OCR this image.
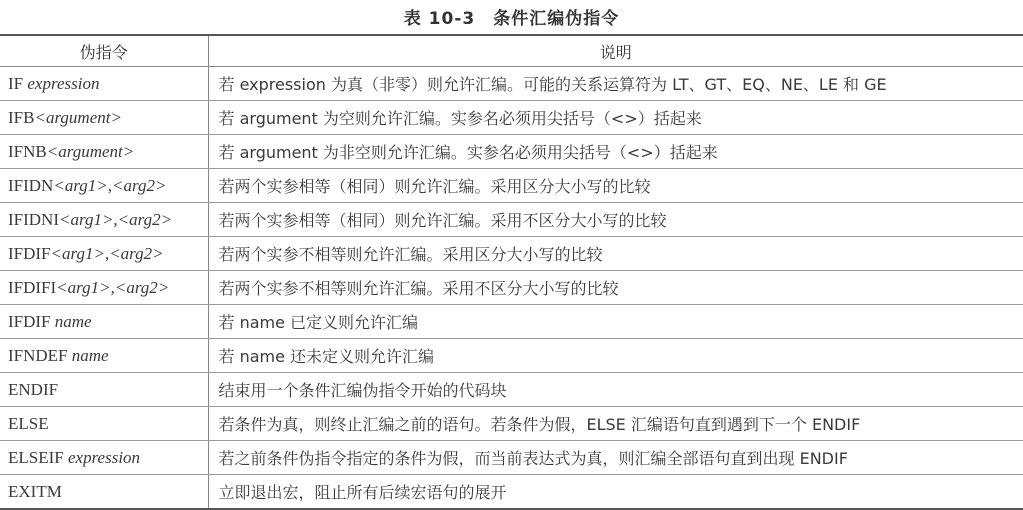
表 10-3　条件汇编伪指令
伪指令	说明
IF expression	若 expression 为真（非零）则允许汇编。可能的关系运算符为 LT、GT、EQ、NE、LE 和 GE
IFB<argument>	若 argument 为空则允许汇编。实参名必须用尖括号（<>）括起来
IFNB<argument>	若 argument 为非空则允许汇编。实参名必须用尖括号（<>）括起来
IFIDN<arg1>,<arg2>	若两个实参相等（相同）则允许汇编。采用区分大小写的比较
IFIDNI<arg1>,<arg2>	若两个实参相等（相同）则允许汇编。采用不区分大小写的比较
IFDIF<arg1>,<arg2>	若两个实参不相等则允许汇编。采用区分大小写的比较
IFDIFI<arg1>,<arg2>	若两个实参不相等则允许汇编。采用不区分大小写的比较
IFDIF name	若 name 已定义则允许汇编
IFNDEF name	若 name 还未定义则允许汇编
ENDIF	结束用一个条件汇编伪指令开始的代码块
ELSE	若条件为真，则终止汇编之前的语句。若条件为假，ELSE 汇编语句直到遇到下一个 ENDIF
ELSEIF expression	若之前条件伪指令指定的条件为假，而当前表达式为真，则汇编全部语句直到出现 ENDIF
EXITM	立即退出宏，阻止所有后续宏语句的展开
